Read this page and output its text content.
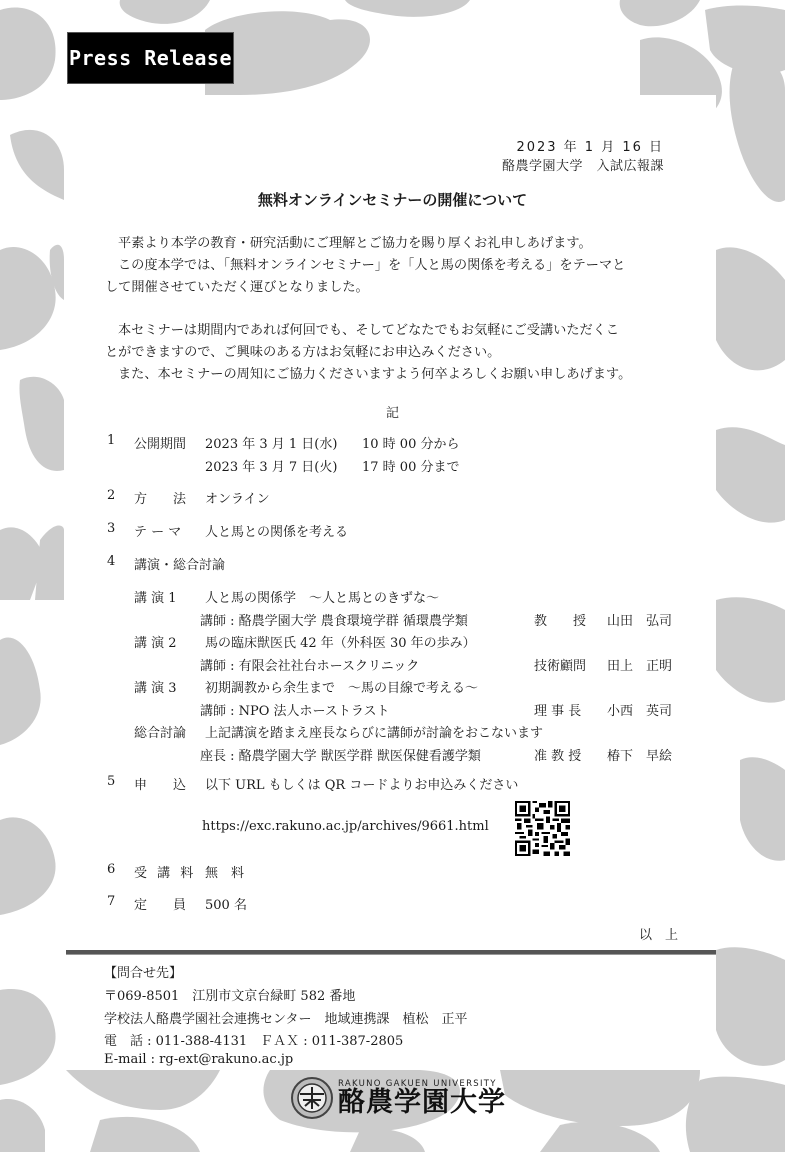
Press Release
2023 年 1 月 16 日
酪農学園大学　入試広報課
無料オンラインセミナーの開催について
平素より本学の教育・研究活動にご理解とご協力を賜り厚くお礼申しあげます。
この度本学では、「無料オンラインセミナー」を「人と馬の関係を考える」をテーマと
して開催させていただく運びとなりました。
本セミナーは期間内であれば何回でも、そしてどなたでもお気軽にご受講いただくこ
とができますので、ご興味のある方はお気軽にお申込みください。
また、本セミナーの周知にご協力くださいますよう何卒よろしくお願い申しあげます。
記
1 公開期間 2023 年 3 月 1 日(水) 10 時 00 分から
2023 年 3 月 7 日(火) 17 時 00 分まで
2 方　　法 オンライン
3 テ ー マ 人と馬との関係を考える
4 講演・総合討論
講 演 1 人と馬の関係学　～人と馬とのきずな～
講師 : 酪農学園大学 農食環境学群 循環農学類	教　　授 山田　弘司
講 演 2 馬の臨床獣医氏 42 年（外科医 30 年の歩み）
講師 : 有限会社社台ホースクリニック	技術顧問 田上　正明
講 演 3 初期調教から余生まで　～馬の目線で考える～
講師 : NPO 法人ホーストラスト	理 事 長 小西　英司
総合討論 上記講演を踏まえ座長ならびに講師が討論をおこないます
座長 : 酪農学園大学 獣医学群 獣医保健看護学類	准 教 授 椿下　早絵
5 申　　込 以下 URL もしくは QR コードよりお申込みください
https://exc.rakuno.ac.jp/archives/9661.html
6 受 講 料 無　料
7 定　　員 500 名
以　上
【問合せ先】
〒069-8501　江別市文京台緑町 582 番地
学校法人酪農学園社会連携センター　地域連携課　植松　正平
電　話 : 011-388-4131　ＦＡＸ : 011-387-2805
E-mail : rg-ext@rakuno.ac.jp
RAKUNO GAKUEN UNIVERSITY
酪農学園大学
